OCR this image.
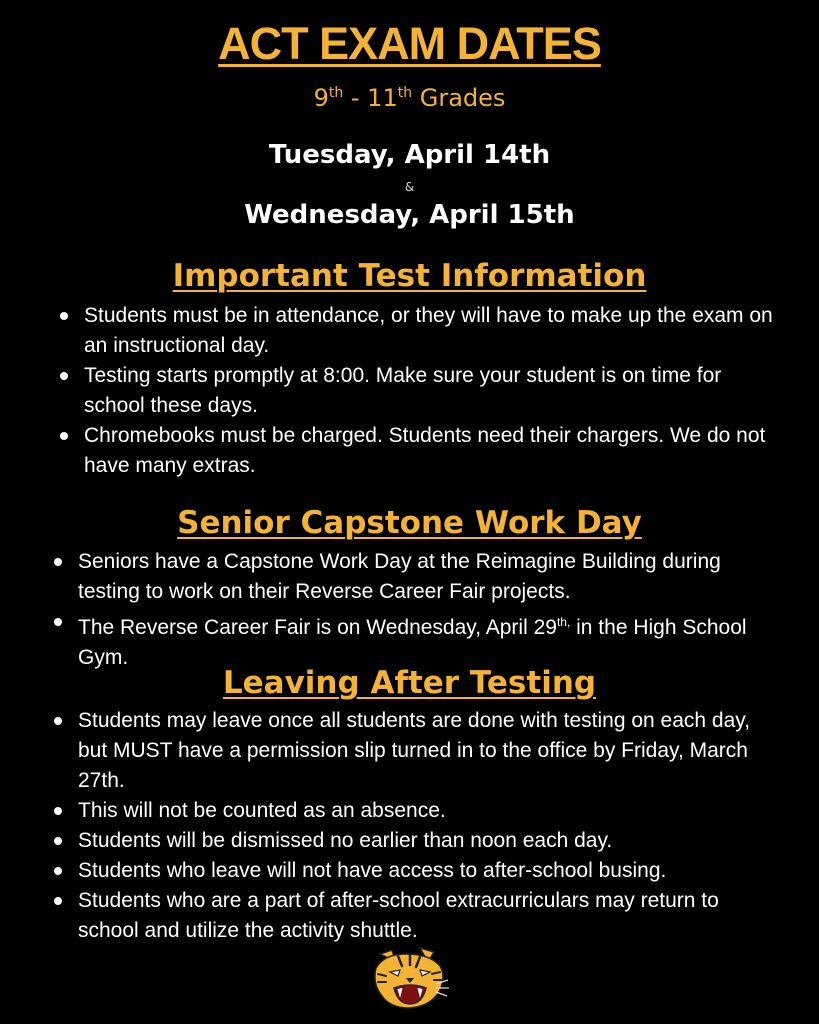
ACT EXAM DATES
9th - 11th Grades
Tuesday, April 14th
&
Wednesday, April 15th
Important Test Information
Students must be in attendance, or they will have to make up the exam on an instructional day.
Testing starts promptly at 8:00. Make sure your student is on time for school these days.
Chromebooks must be charged. Students need their chargers. We do not have many extras.
Senior Capstone Work Day
Seniors have a Capstone Work Day at the Reimagine Building during testing to work on their Reverse Career Fair projects.
The Reverse Career Fair is on Wednesday, April $29^{th,}$ in the High School Gym.
Leaving After Testing
Students may leave once all students are done with testing on each day, but MUST have a permission slip turned in to the office by Friday, March 27th.
This will not be counted as an absence.
Students will be dismissed no earlier than noon each day.
Students who leave will not have access to after-school busing.
Students who are a part of after-school extracurriculars may return to school and utilize the activity shuttle.
